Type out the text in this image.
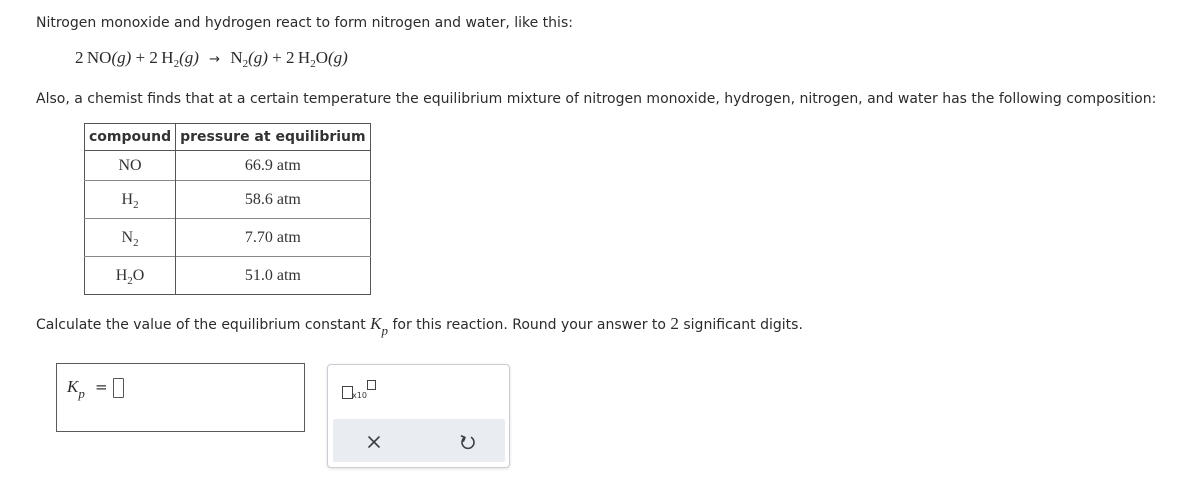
Nitrogen monoxide and hydrogen react to form nitrogen and water, like this:
2  NO(g) + 2  $H_2(g) \to N_2(g) + 2$  $H_2O(g)$
Also, a chemist finds that at a certain temperature the equilibrium mixture of nitrogen monoxide, hydrogen, nitrogen, and water has the following composition:
compound	pressure at equilibrium
NO	66.9 atm
$H_2$	58.6 atm
$N_2$	7.70 atm
$H_2O$	51.0 atm
Calculate the value of the equilibrium constant $K_p$ for this reaction. Round your answer to 2 significant digits.
$K_p$ =	x10
